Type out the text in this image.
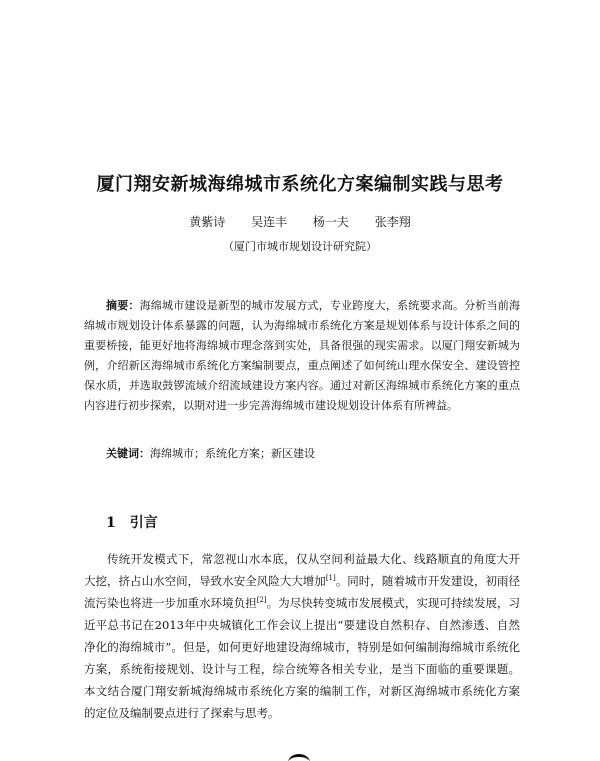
厦门翔安新城海绵城市系统化方案编制实践与思考
黄紫诗 吴连丰 杨一夫 张李翔
（厦门市城市规划设计研究院）

摘要：海绵城市建设是新型的城市发展方式，专业跨度大，系统要求高。分析当前海绵城市规划设计体系暴露的问题，认为海绵城市系统化方案是规划体系与设计体系之间的重要桥接，能更好地将海绵城市理念落到实处，具备很强的现实需求。以厦门翔安新城为例，介绍新区海绵城市系统化方案编制要点，重点阐述了如何统山理水保安全、建设管控保水质，并选取鼓锣流域介绍流域建设方案内容。通过对新区海绵城市系统化方案的重点内容进行初步探索，以期对进一步完善海绵城市建设规划设计体系有所裨益。

关键词：海绵城市；系统化方案；新区建设

1 引言

传统开发模式下，常忽视山水本底，仅从空间利益最大化、线路顺直的角度大开大挖，挤占山水空间，导致水安全风险大大增加[1]。同时，随着城市开发建设，初雨径流污染也将进一步加重水环境负担[2]。为尽快转变城市发展模式，实现可持续发展，习近平总书记在2013年中央城镇化工作会议上提出“要建设自然积存、自然渗透、自然净化的海绵城市”。但是，如何更好地建设海绵城市，特别是如何编制海绵城市系统化方案，系统衔接规划、设计与工程，综合统筹各相关专业，是当下面临的重要课题。本文结合厦门翔安新城海绵城市系统化方案的编制工作，对新区海绵城市系统化方案的定位及编制要点进行了探索与思考。
